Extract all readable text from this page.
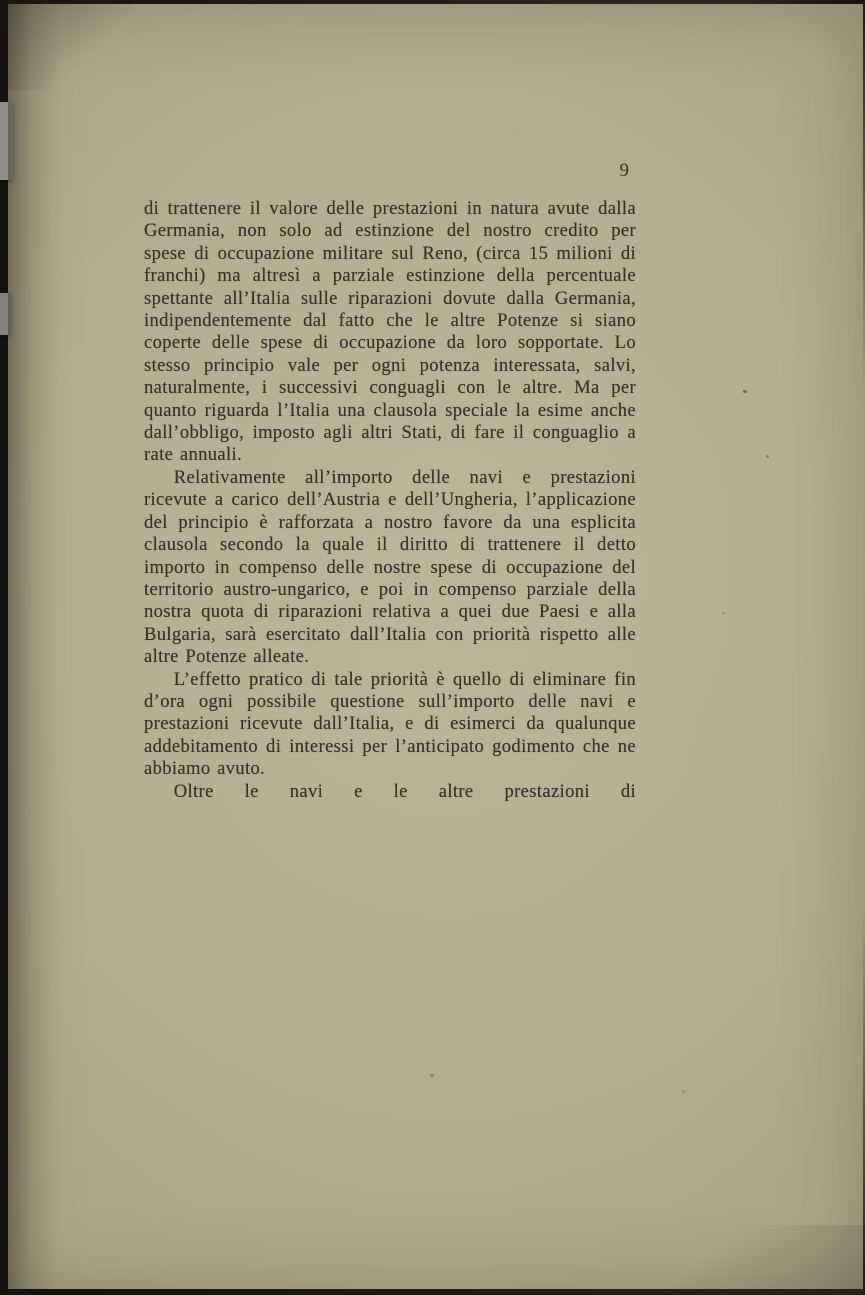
9

di trattenere il valore delle prestazioni in natura avute dalla Germania, non solo ad estinzione del nostro credito per spese di occupazione militare sul Reno, (circa 15 milioni di franchi) ma altresì a parziale estinzione della percentuale spettante all’Italia sulle riparazioni dovute dalla Germania, indipendentemente dal fatto che le altre Potenze si siano coperte delle spese di occupazione da loro sopportate. Lo stesso principio vale per ogni potenza interessata, salvi, naturalmente, i successivi conguagli con le altre. Ma per quanto riguarda l’Italia una clausola speciale la esime anche dall’obbligo, imposto agli altri Stati, di fare il conguaglio a rate annuali.

Relativamente all’importo delle navi e prestazioni ricevute a carico dell’Austria e dell’Ungheria, l’applicazione del principio è rafforzata a nostro favore da una esplicita clausola secondo la quale il diritto di trattenere il detto importo in compenso delle nostre spese di occupazione del territorio austro-ungarico, e poi in compenso parziale della nostra quota di riparazioni relativa a quei due Paesi e alla Bulgaria, sarà esercitato dall’Italia con priorità rispetto alle altre Potenze alleate.

L’effetto pratico di tale priorità è quello di eliminare fin d’ora ogni possibile questione sull’importo delle navi e prestazioni ricevute dall’Italia, e di esimerci da qualunque addebitamento di interessi per l’anticipato godimento che ne abbiamo avuto.

Oltre le navi e le altre prestazioni di
